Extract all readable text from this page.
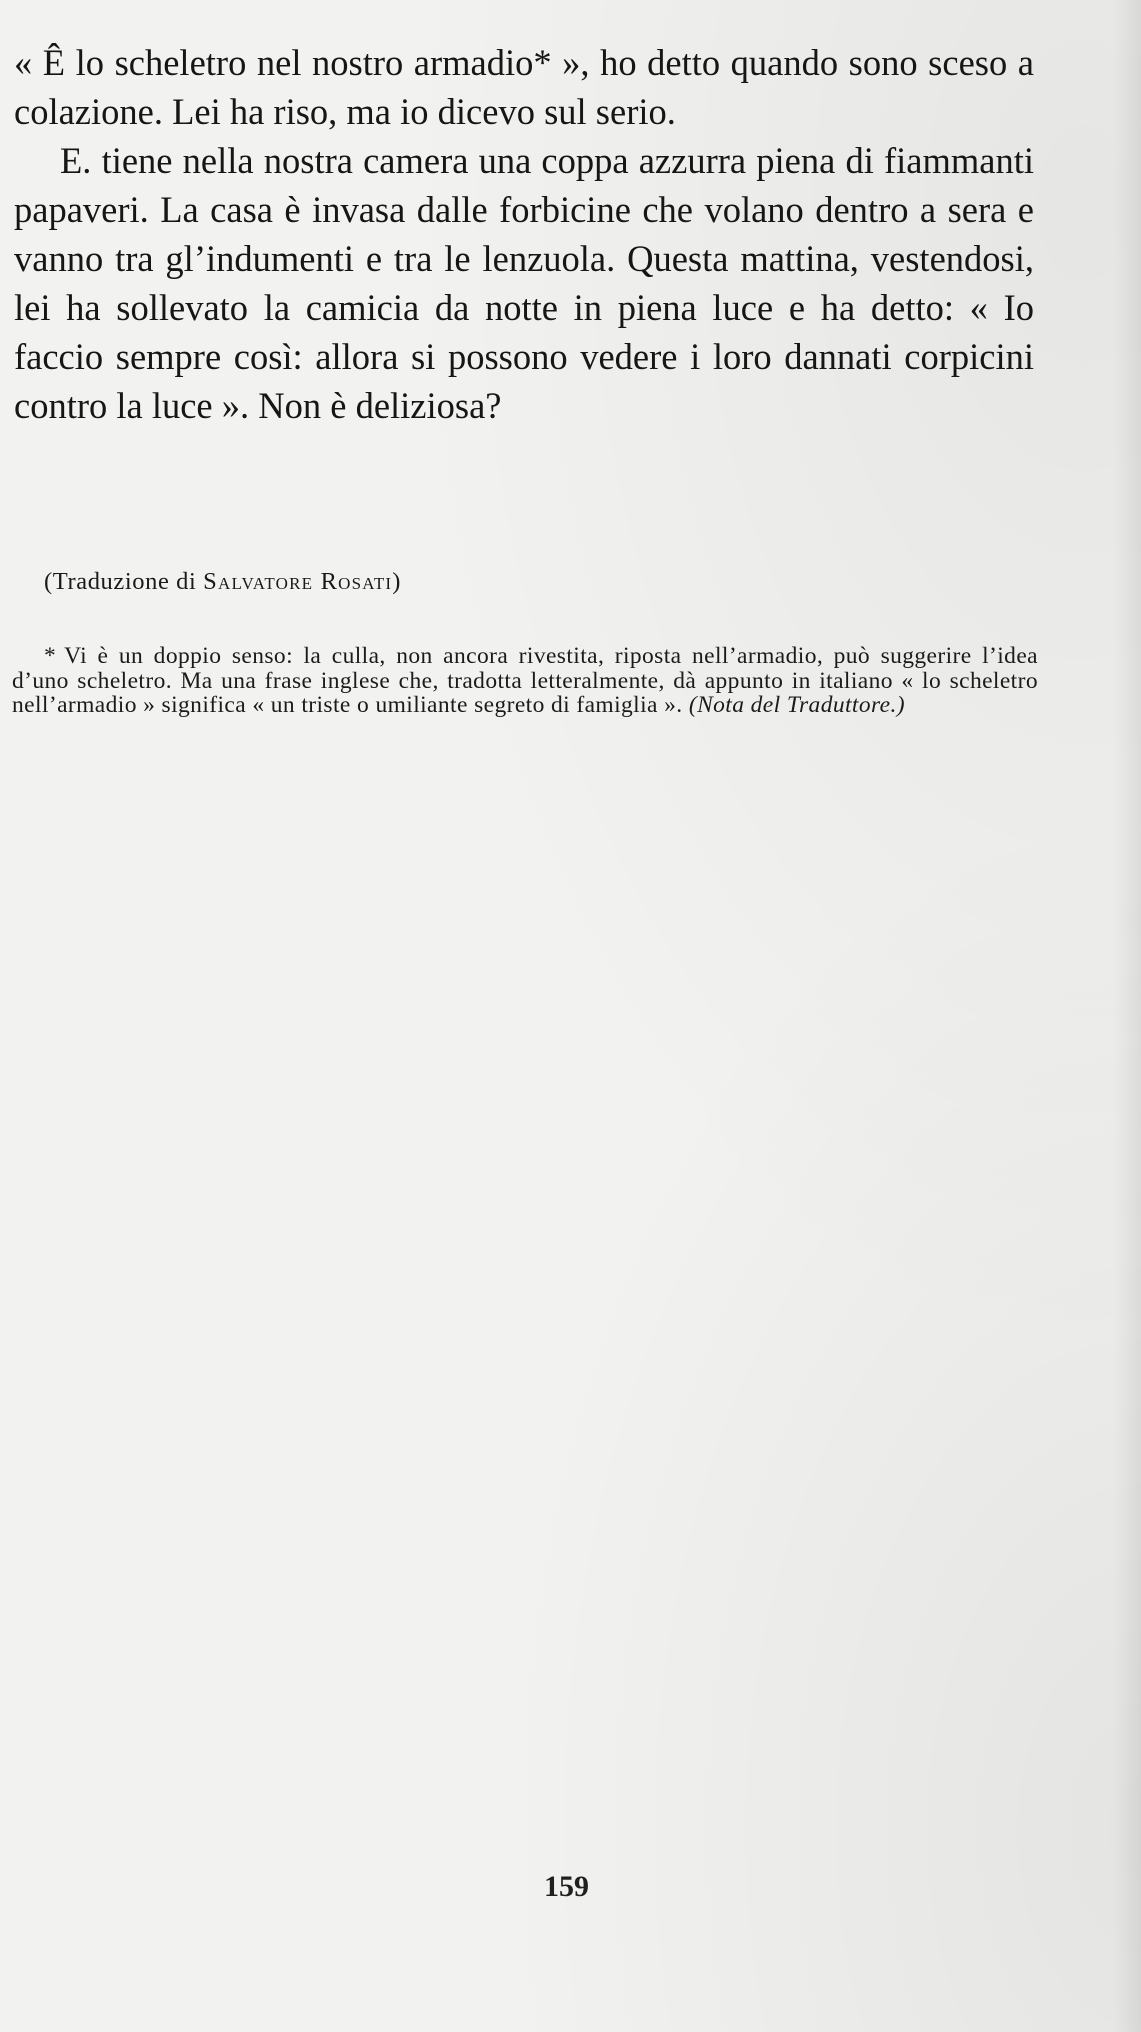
« Ê lo scheletro nel nostro armadio* », ho detto quando sono sceso a colazione. Lei ha riso, ma io dicevo sul serio.

E. tiene nella nostra camera una coppa azzurra piena di fiammanti papaveri. La casa è invasa dalle forbicine che volano dentro a sera e vanno tra gl’indumenti e tra le lenzuola. Questa mattina, vestendosi, lei ha sollevato la camicia da notte in piena luce e ha detto: « Io faccio sempre così: allora si possono vedere i loro dannati corpicini contro la luce ». Non è deliziosa?

(Traduzione di Salvatore Rosati)
* Vi è un doppio senso: la culla, non ancora rivestita, riposta nell’armadio, può suggerire l’idea d’uno scheletro. Ma una frase inglese che, tradotta letteralmente, dà appunto in italiano « lo scheletro nell’armadio » significa « un triste o umiliante segreto di famiglia ». (Nota del Traduttore.)
159
